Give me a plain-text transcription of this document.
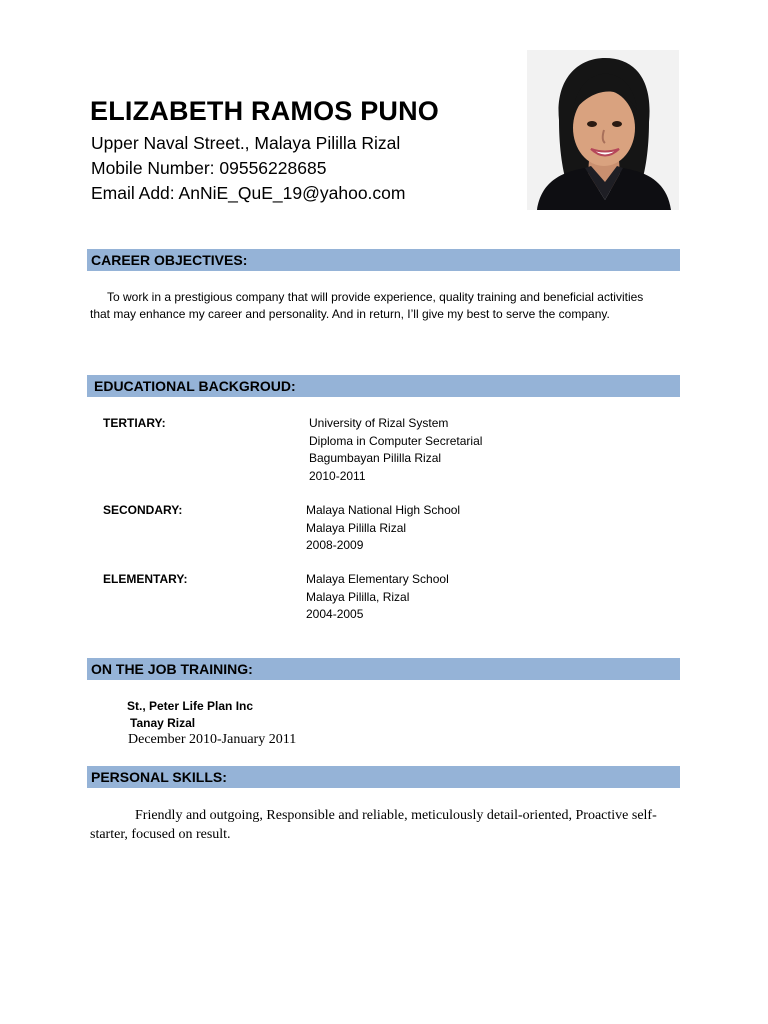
ELIZABETH RAMOS PUNO
Upper Naval Street., Malaya Pililla Rizal
Mobile Number: 09556228685
Email Add: AnNiE_QuE_19@yahoo.com
CAREER OBJECTIVES:
To work in a prestigious company that will provide experience, quality training and beneficial activities that may enhance my career and personality. And in return, I’ll give my best to serve the company.
EDUCATIONAL BACKGROUD:
TERTIARY:	University of Rizal System
Diploma in Computer Secretarial
Bagumbayan Pililla Rizal
2010-2011
SECONDARY:	Malaya National High School
Malaya Pililla Rizal
2008-2009
ELEMENTARY:	Malaya Elementary School
Malaya Pililla, Rizal
2004-2005
ON THE JOB TRAINING:
St., Peter Life Plan Inc
Tanay Rizal
December 2010-January 2011
PERSONAL SKILLS:
Friendly and outgoing, Responsible and reliable, meticulously detail-oriented, Proactive self-starter, focused on result.
